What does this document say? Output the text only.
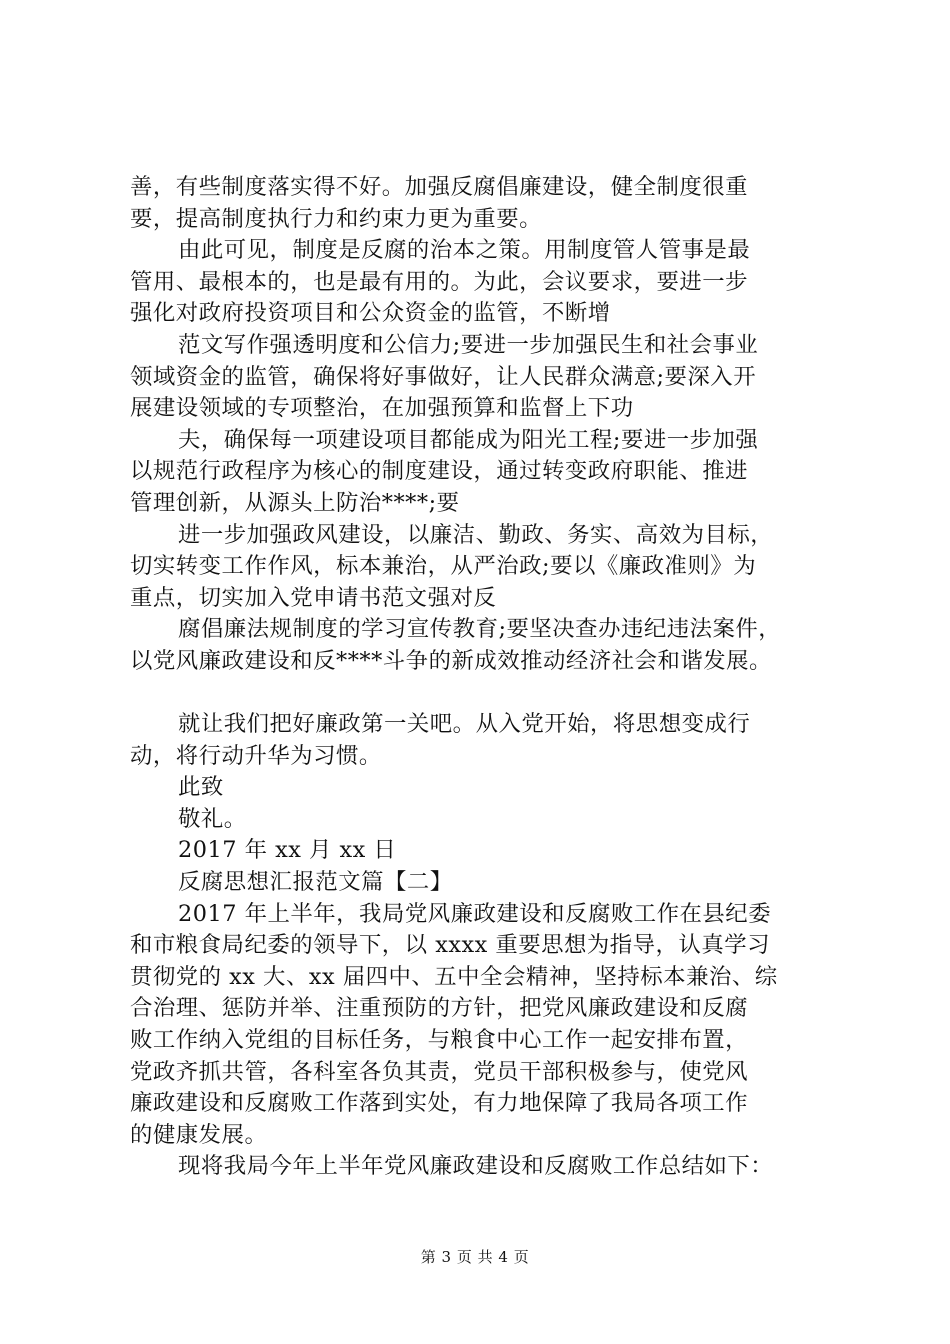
善，有些制度落实得不好。加强反腐倡廉建设，健全制度很重
要，提高制度执行力和约束力更为重要。

由此可见，制度是反腐的治本之策。用制度管人管事是最
管用、最根本的，也是最有用的。为此，会议要求，要进一步
强化对政府投资项目和公众资金的监管，不断增

范文写作强透明度和公信力;要进一步加强民生和社会事业
领域资金的监管，确保将好事做好，让人民群众满意;要深入开
展建设领域的专项整治，在加强预算和监督上下功

夫，确保每一项建设项目都能成为阳光工程;要进一步加强
以规范行政程序为核心的制度建设，通过转变政府职能、推进
管理创新，从源头上防治****;要

进一步加强政风建设，以廉洁、勤政、务实、高效为目标，
切实转变工作作风，标本兼治，从严治政;要以《廉政准则》为
重点，切实加入党申请书范文强对反

腐倡廉法规制度的学习宣传教育;要坚决查办违纪违法案件，
以党风廉政建设和反****斗争的新成效推动经济社会和谐发展。

就让我们把好廉政第一关吧。从入党开始，将思想变成行
动，将行动升华为习惯。

此致

敬礼。

2017 年 xx 月 xx 日

反腐思想汇报范文篇【二】

2017 年上半年，我局党风廉政建设和反腐败工作在县纪委
和市粮食局纪委的领导下，以 xxxx 重要思想为指导，认真学习
贯彻党的 xx 大、xx 届四中、五中全会精神，坚持标本兼治、综
合治理、惩防并举、注重预防的方针，把党风廉政建设和反腐
败工作纳入党组的目标任务，与粮食中心工作一起安排布置，
党政齐抓共管，各科室各负其责，党员干部积极参与，使党风
廉政建设和反腐败工作落到实处，有力地保障了我局各项工作
的健康发展。

现将我局今年上半年党风廉政建设和反腐败工作总结如下：

第 3 页 共 4 页
